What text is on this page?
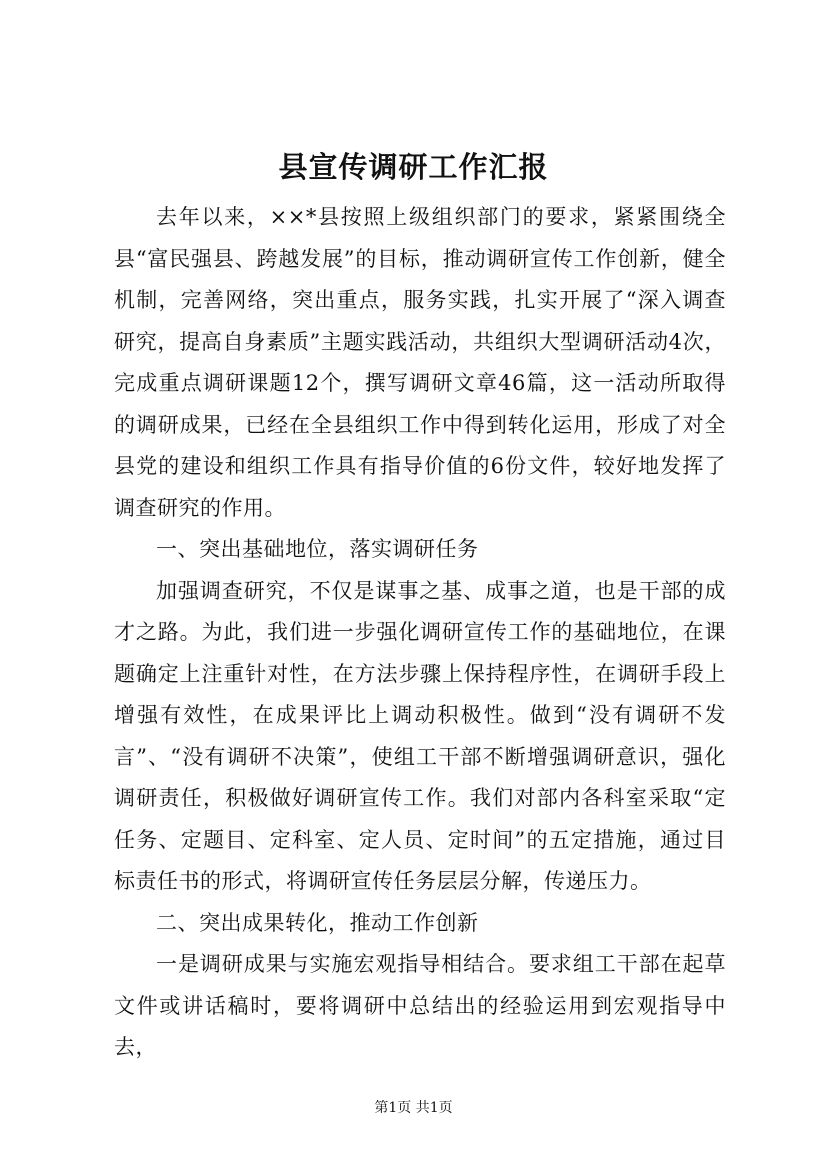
县宣传调研工作汇报

去年以来，××*县按照上级组织部门的要求，紧紧围绕全县“富民强县、跨越发展”的目标，推动调研宣传工作创新，健全机制，完善网络，突出重点，服务实践，扎实开展了“深入调查研究，提高自身素质”主题实践活动，共组织大型调研活动4次，完成重点调研课题12个，撰写调研文章46篇，这一活动所取得的调研成果，已经在全县组织工作中得到转化运用，形成了对全县党的建设和组织工作具有指导价值的6份文件，较好地发挥了调查研究的作用。

一、突出基础地位，落实调研任务

加强调查研究，不仅是谋事之基、成事之道，也是干部的成才之路。为此，我们进一步强化调研宣传工作的基础地位，在课题确定上注重针对性，在方法步骤上保持程序性，在调研手段上增强有效性，在成果评比上调动积极性。做到“没有调研不发言”、“没有调研不决策”，使组工干部不断增强调研意识，强化调研责任，积极做好调研宣传工作。我们对部内各科室采取“定任务、定题目、定科室、定人员、定时间”的五定措施，通过目标责任书的形式，将调研宣传任务层层分解，传递压力。

二、突出成果转化，推动工作创新

一是调研成果与实施宏观指导相结合。要求组工干部在起草文件或讲话稿时，要将调研中总结出的经验运用到宏观指导中去，

第1页 共1页
